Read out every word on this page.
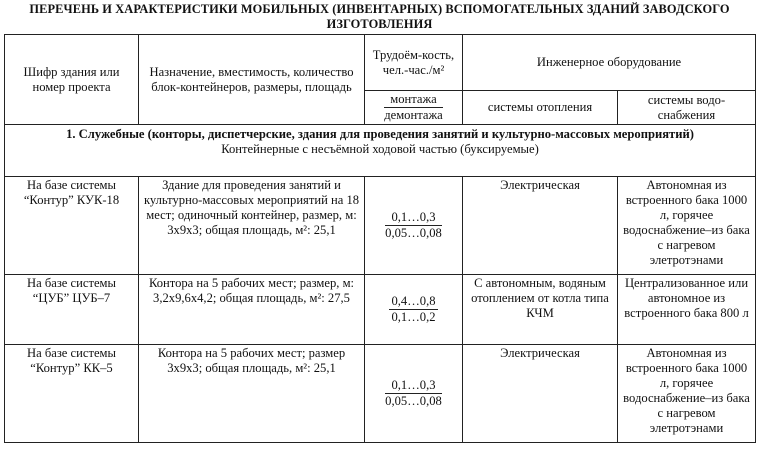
ПЕРЕЧЕНЬ И ХАРАКТЕРИСТИКИ МОБИЛЬНЫХ (ИНВЕНТАРНЫХ) ВСПОМОГАТЕЛЬНЫХ ЗДАНИЙ ЗАВОДСКОГО ИЗГОТОВЛЕНИЯ
Шифр здания или номер проекта	Назначение, вместимость, количество блок-контейнеров, размеры, площадь	Трудоём-кость, чел.-час./м²	Инженерное оборудование	

		$\frac{\text{монтажа}}{\text{демонтажа}}$	системы отопления	системы водо-снабжения
1. Служебные (конторы, диспетчерские, здания для проведения занятий и культурно-массовых мероприятий)
Контейнерные с несъёмной ходовой частью (буксируемые)				

На базе системы “Контур” КУК-18	Здание для проведения занятий и культурно-массовых мероприятий на 18 мест; одиночный контейнер, размер, м: 3х9х3; общая площадь, м²: 25,1	$\frac{0,1\dots 0,3}{0,05\dots 0,08}$	Электрическая	Автономная из встроенного бака 1000 л, горячее водоснабжение–из бака с нагревом элетротэнами
На базе системы “ЦУБ” ЦУБ–7	Контора на 5 рабочих мест; размер, м: 3,2х9,6х4,2; общая площадь, м²: 27,5	$\frac{0,4\dots 0,8}{0,1\dots 0,2}$	С автономным, водяным отоплением от котла типа КЧМ	Централизованное или автономное из встроенного бака 800 л
На базе системы “Контур” КК–5	Контора на 5 рабочих мест; размер 3х9х3; общая площадь, м²: 25,1	$\frac{0,1\dots 0,3}{0,05\dots 0,08}$	Электрическая	Автономная из встроенного бака 1000 л, горячее водоснабжение–из бака с нагревом элетротэнами
